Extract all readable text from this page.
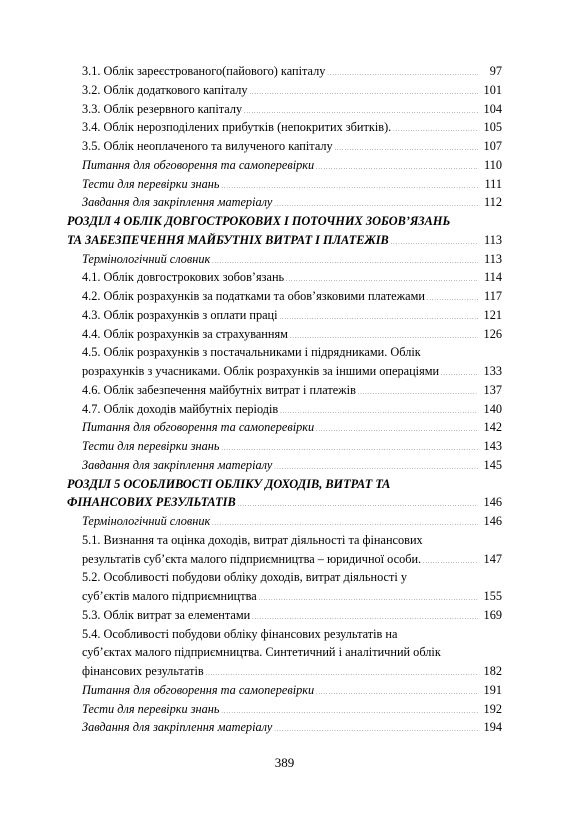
3.1. Облік зареєстрованого(пайового) капіталу . . .	97
3.2. Облік додаткового капіталу . . .	101
3.3. Облік резервного капіталу . . .	104
3.4. Облік нерозподілених прибутків (непокритих збитків). . . .	105
3.5. Облік неоплаченого та вилученого капіталу . . .	107
Питання для обговорення та самоперевірки . . .	110
Тести для перевірки знань . . .	111
Завдання для закріплення матеріалу . . .	112
РОЗДІЛ 4 ОБЛІК ДОВГОСТРОКОВИХ І ПОТОЧНИХ ЗОБОВ’ЯЗАНЬ
ТА ЗАБЕЗПЕЧЕННЯ МАЙБУТНІХ ВИТРАТ І ПЛАТЕЖІВ . . .	113
Термінологічний словник . . .	113
4.1. Облік довгострокових зобов’язань . . .	114
4.2. Облік розрахунків за податками та обов’язковими платежами . . .	117
4.3. Облік розрахунків з оплати праці . . .	121
4.4. Облік розрахунків за страхуванням . . .	126
4.5. Облік розрахунків з постачальниками і підрядниками. Облік
розрахунків з учасниками. Облік розрахунків за іншими операціями . . .	133
4.6. Облік забезпечення майбутніх витрат і платежів . . .	137
4.7. Облік доходів майбутніх періодів . . .	140
Питання для обговорення та самоперевірки . . .	142
Тести для перевірки знань . . .	143
Завдання для закріплення матеріалу . . .	145
РОЗДІЛ 5 ОСОБЛИВОСТІ ОБЛІКУ ДОХОДІВ, ВИТРАТ ТА
ФІНАНСОВИХ РЕЗУЛЬТАТІВ . . .	146
Термінологічний словник . . .	146
5.1. Визнання та оцінка доходів, витрат діяльності та фінансових
результатів суб’єкта малого підприємництва – юридичної особи. . . .	147
5.2. Особливості побудови обліку доходів, витрат діяльності у
суб’єктів малого підприємництва . . .	155
5.3. Облік витрат за елементами . . .	169
5.4. Особливості побудови обліку фінансових результатів на
суб’єктах малого підприємництва. Синтетичний і аналітичний облік
фінансових результатів . . .	182
Питання для обговорення та самоперевірки . . .	191
Тести для перевірки знань . . .	192
Завдання для закріплення матеріалу . . .	194
389
